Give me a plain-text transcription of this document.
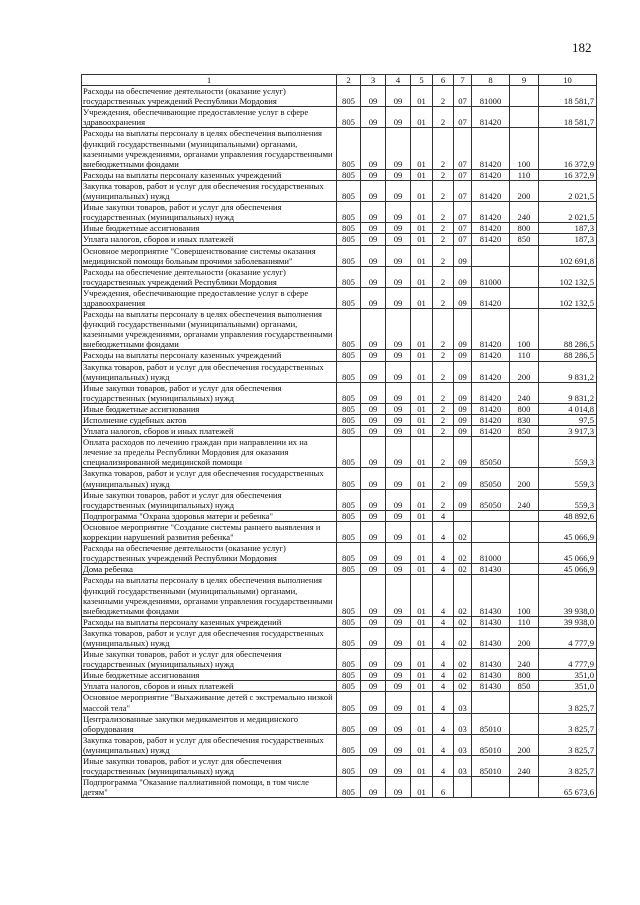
182
1	2	3	4	5	6	7	8	9	10
Расходы на обеспечение деятельности (оказание услуг) государственных учреждений Республики Мордовия	805	09	09	01	2	07	81000		18 581,7
Учреждения, обеспечивающие предоставление услуг в сфере здравоохранения	805	09	09	01	2	07	81420		18 581,7
Расходы на выплаты персоналу в целях обеспечения выполнения функций государственными (муниципальными) органами, казенными учреждениями, органами управления государственными внебюджетными фондами	805	09	09	01	2	07	81420	100	16 372,9
Расходы на выплаты персоналу казенных учреждений	805	09	09	01	2	07	81420	110	16 372,9
Закупка товаров, работ и услуг для обеспечения государственных (муниципальных) нужд	805	09	09	01	2	07	81420	200	2 021,5
Иные закупки товаров, работ и услуг для обеспечения государственных (муниципальных) нужд	805	09	09	01	2	07	81420	240	2 021,5
Иные бюджетные ассигнования	805	09	09	01	2	07	81420	800	187,3
Уплата налогов, сборов и иных платежей	805	09	09	01	2	07	81420	850	187,3
Основное мероприятие "Совершенствование системы оказания медицинской помощи больным прочими заболеваниями"	805	09	09	01	2	09			102 691,8
Расходы на обеспечение деятельности (оказание услуг) государственных учреждений Республики Мордовия	805	09	09	01	2	09	81000		102 132,5
Учреждения, обеспечивающие предоставление услуг в сфере здравоохранения	805	09	09	01	2	09	81420		102 132,5
Расходы на выплаты персоналу в целях обеспечения выполнения функций государственными (муниципальными) органами, казенными учреждениями, органами управления государственными внебюджетными фондами	805	09	09	01	2	09	81420	100	88 286,5
Расходы на выплаты персоналу казенных учреждений	805	09	09	01	2	09	81420	110	88 286,5
Закупка товаров, работ и услуг для обеспечения государственных (муниципальных) нужд	805	09	09	01	2	09	81420	200	9 831,2
Иные закупки товаров, работ и услуг для обеспечения государственных (муниципальных) нужд	805	09	09	01	2	09	81420	240	9 831,2
Иные бюджетные ассигнования	805	09	09	01	2	09	81420	800	4 014,8
Исполнение судебных актов	805	09	09	01	2	09	81420	830	97,5
Уплата налогов, сборов и иных платежей	805	09	09	01	2	09	81420	850	3 917,3
Оплата расходов по лечению граждан при направлении их на лечение за пределы Республики Мордовия для оказания специализированной медицинской помощи	805	09	09	01	2	09	85050		559,3
Закупка товаров, работ и услуг для обеспечения государственных (муниципальных) нужд	805	09	09	01	2	09	85050	200	559,3
Иные закупки товаров, работ и услуг для обеспечения государственных (муниципальных) нужд	805	09	09	01	2	09	85050	240	559,3
Подпрограмма "Охрана здоровья матери и ребенка"	805	09	09	01	4				48 892,6
Основное мероприятие "Создание системы раннего выявления и коррекции нарушений развития ребенка"	805	09	09	01	4	02			45 066,9
Расходы на обеспечение деятельности (оказание услуг) государственных учреждений Республики Мордовия	805	09	09	01	4	02	81000		45 066,9
Дома ребенка	805	09	09	01	4	02	81430		45 066,9
Расходы на выплаты персоналу в целях обеспечения выполнения функций государственными (муниципальными) органами, казенными учреждениями, органами управления государственными внебюджетными фондами	805	09	09	01	4	02	81430	100	39 938,0
Расходы на выплаты персоналу казенных учреждений	805	09	09	01	4	02	81430	110	39 938,0
Закупка товаров, работ и услуг для обеспечения государственных (муниципальных) нужд	805	09	09	01	4	02	81430	200	4 777,9
Иные закупки товаров, работ и услуг для обеспечения государственных (муниципальных) нужд	805	09	09	01	4	02	81430	240	4 777,9
Иные бюджетные ассигнования	805	09	09	01	4	02	81430	800	351,0
Уплата налогов, сборов и иных платежей	805	09	09	01	4	02	81430	850	351,0
Основное мероприятие "Выхаживание детей с экстремально низкой массой тела"	805	09	09	01	4	03			3 825,7
Централизованные закупки медикаментов и медицинского оборудования	805	09	09	01	4	03	85010		3 825,7
Закупка товаров, работ и услуг для обеспечения государственных (муниципальных) нужд	805	09	09	01	4	03	85010	200	3 825,7
Иные закупки товаров, работ и услуг для обеспечения государственных (муниципальных) нужд	805	09	09	01	4	03	85010	240	3 825,7
Подпрограмма "Оказание паллиативной помощи, в том числе детям"	805	09	09	01	6				65 673,6
